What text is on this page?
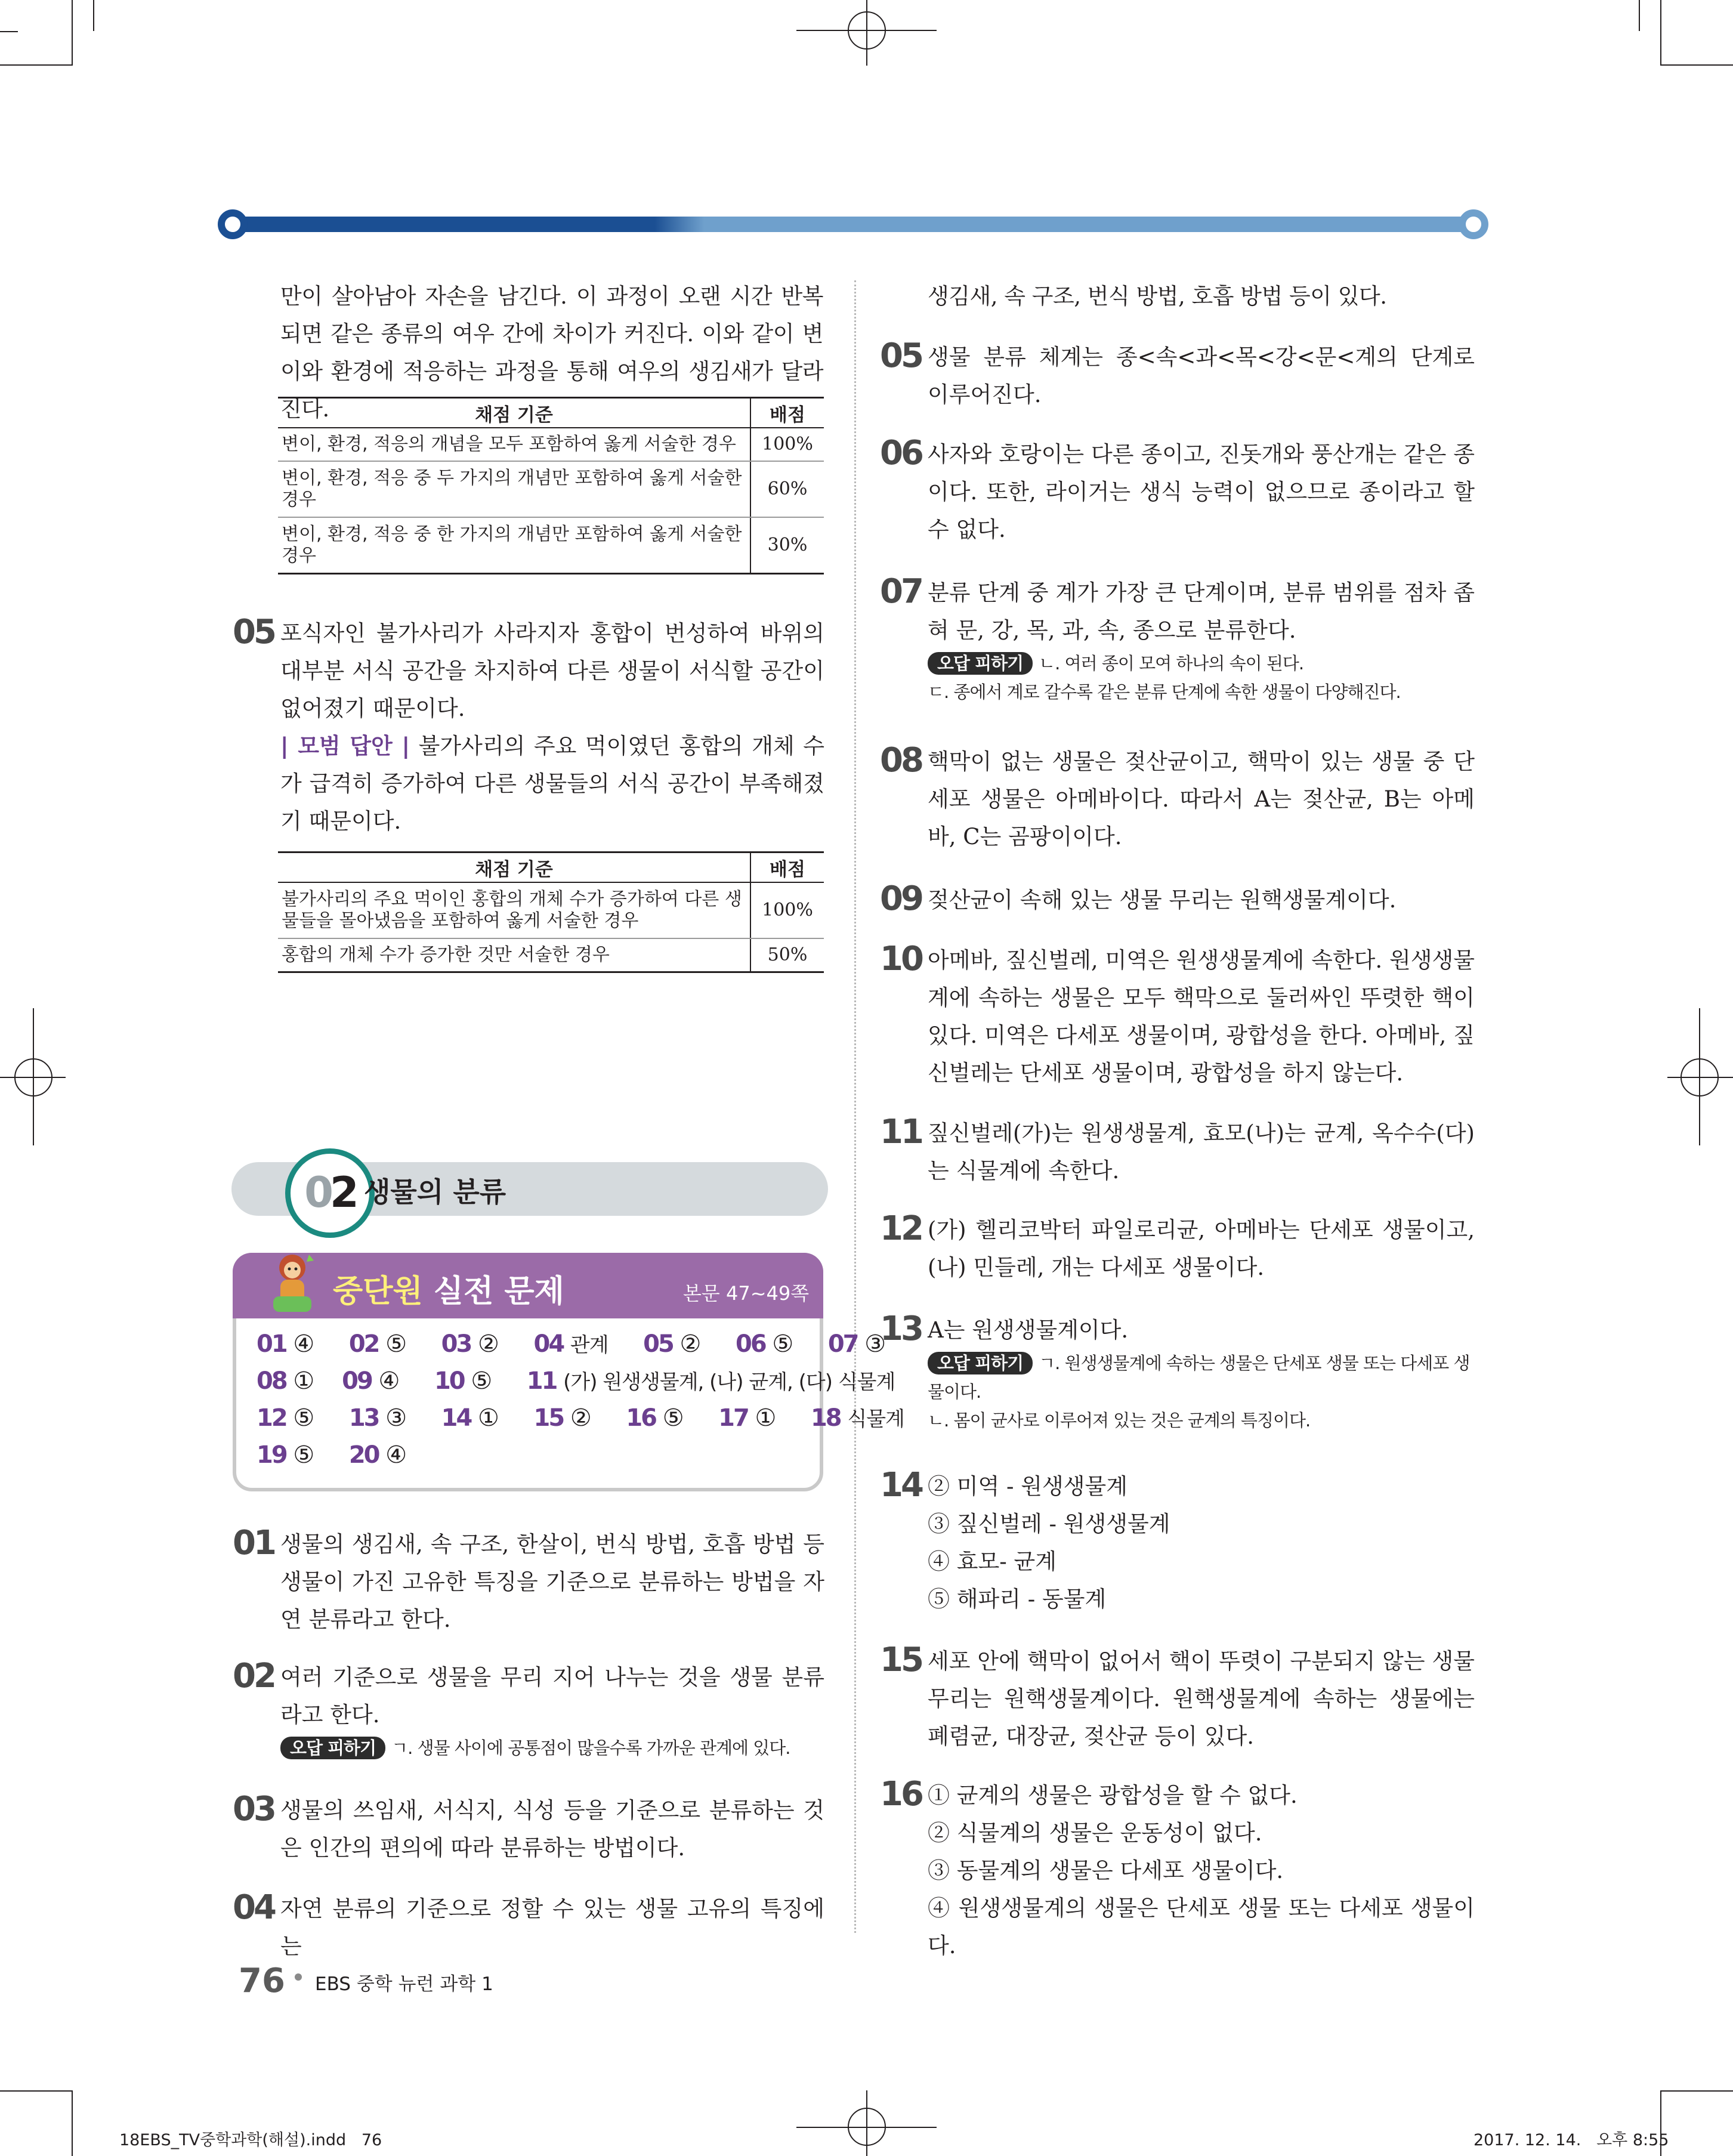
만이 살아남아 자손을 남긴다. 이 과정이 오랜 시간 반복되면 같은 종류의 여우 간에 차이가 커진다. 이와 같이 변이와 환경에 적응하는 과정을 통해 여우의 생김새가 달라진다.	채점 기준	배점
변이, 환경, 적응의 개념을 모두 포함하여 옳게 서술한 경우	100%
변이, 환경, 적응 중 두 가지의 개념만 포함하여 옳게 서술한 경우	60%
변이, 환경, 적응 중 한 가지의 개념만 포함하여 옳게 서술한 경우	30%
05 포식자인 불가사리가 사라지자 홍합이 번성하여 바위의 대부분 서식 공간을 차지하여 다른 생물이 서식할 공간이 없어졌기 때문이다.
| 모범 답안 | 불가사리의 주요 먹이였던 홍합의 개체 수가 급격히 증가하여 다른 생물들의 서식 공간이 부족해졌기 때문이다.
채점 기준	배점
불가사리의 주요 먹이인 홍합의 개체 수가 증가하여 다른 생물들을 몰아냈음을 포함하여 옳게 서술한 경우	100%
홍합의 개체 수가 증가한 것만 서술한 경우	50%
02 생물의 분류
중단원 실전 문제	본문 47~49쪽
01 ④ 02 ⑤ 03 ② 04 관계 05 ② 06 ⑤ 07 ③
08 ① 09 ④ 10 ⑤ 11 (가) 원생생물계, (나) 균계, (다) 식물계
12 ⑤ 13 ③ 14 ① 15 ② 16 ⑤ 17 ① 18 식물계
19 ⑤ 20 ④
01 생물의 생김새, 속 구조, 한살이, 번식 방법, 호흡 방법 등 생물이 가진 고유한 특징을 기준으로 분류하는 방법을 자연 분류라고 한다.
02 여러 기준으로 생물을 무리 지어 나누는 것을 생물 분류라고 한다.
오답 피하기 ㄱ. 생물 사이에 공통점이 많을수록 가까운 관계에 있다.
03 생물의 쓰임새, 서식지, 식성 등을 기준으로 분류하는 것은 인간의 편의에 따라 분류하는 방법이다.
04 자연 분류의 기준으로 정할 수 있는 생물 고유의 특징에는

생김새, 속 구조, 번식 방법, 호흡 방법 등이 있다.

05 생물 분류 체계는 종<속<과<목<강<문<계의 단계로 이루어진다.
06 사자와 호랑이는 다른 종이고, 진돗개와 풍산개는 같은 종이다. 또한, 라이거는 생식 능력이 없으므로 종이라고 할 수 없다.
07 분류 단계 중 계가 가장 큰 단계이며, 분류 범위를 점차 좁혀 문, 강, 목, 과, 속, 종으로 분류한다.
오답 피하기 ㄴ. 여러 종이 모여 하나의 속이 된다.
ㄷ. 종에서 계로 갈수록 같은 분류 단계에 속한 생물이 다양해진다.
08 핵막이 없는 생물은 젖산균이고, 핵막이 있는 생물 중 단세포 생물은 아메바이다. 따라서 A는 젖산균, B는 아메바, C는 곰팡이이다.
09 젖산균이 속해 있는 생물 무리는 원핵생물계이다.
10 아메바, 짚신벌레, 미역은 원생생물계에 속한다. 원생생물계에 속하는 생물은 모두 핵막으로 둘러싸인 뚜렷한 핵이 있다. 미역은 다세포 생물이며, 광합성을 한다. 아메바, 짚신벌레는 단세포 생물이며, 광합성을 하지 않는다.
11 짚신벌레(가)는 원생생물계, 효모(나)는 균계, 옥수수(다)는 식물계에 속한다.
12 (가) 헬리코박터 파일로리균, 아메바는 단세포 생물이고, (나) 민들레, 개는 다세포 생물이다.
13 A는 원생생물계이다.
오답 피하기 ㄱ. 원생생물계에 속하는 생물은 단세포 생물 또는 다세포 생물이다.
ㄴ. 몸이 균사로 이루어져 있는 것은 균계의 특징이다.
14 ② 미역 - 원생생물계
③ 짚신벌레 - 원생생물계
④ 효모- 균계
⑤ 해파리 - 동물계
15 세포 안에 핵막이 없어서 핵이 뚜렷이 구분되지 않는 생물 무리는 원핵생물계이다. 원핵생물계에 속하는 생물에는 폐렴균, 대장균, 젖산균 등이 있다.
16 ① 균계의 생물은 광합성을 할 수 없다.
② 식물계의 생물은 운동성이 없다.
③ 동물계의 생물은 다세포 생물이다.
④ 원생생물계의 생물은 단세포 생물 또는 다세포 생물이다.
76 EBS 중학 뉴런 과학 1
18EBS_TV중학과학(해설).indd   76	2017. 12. 14.   오후 8:55
